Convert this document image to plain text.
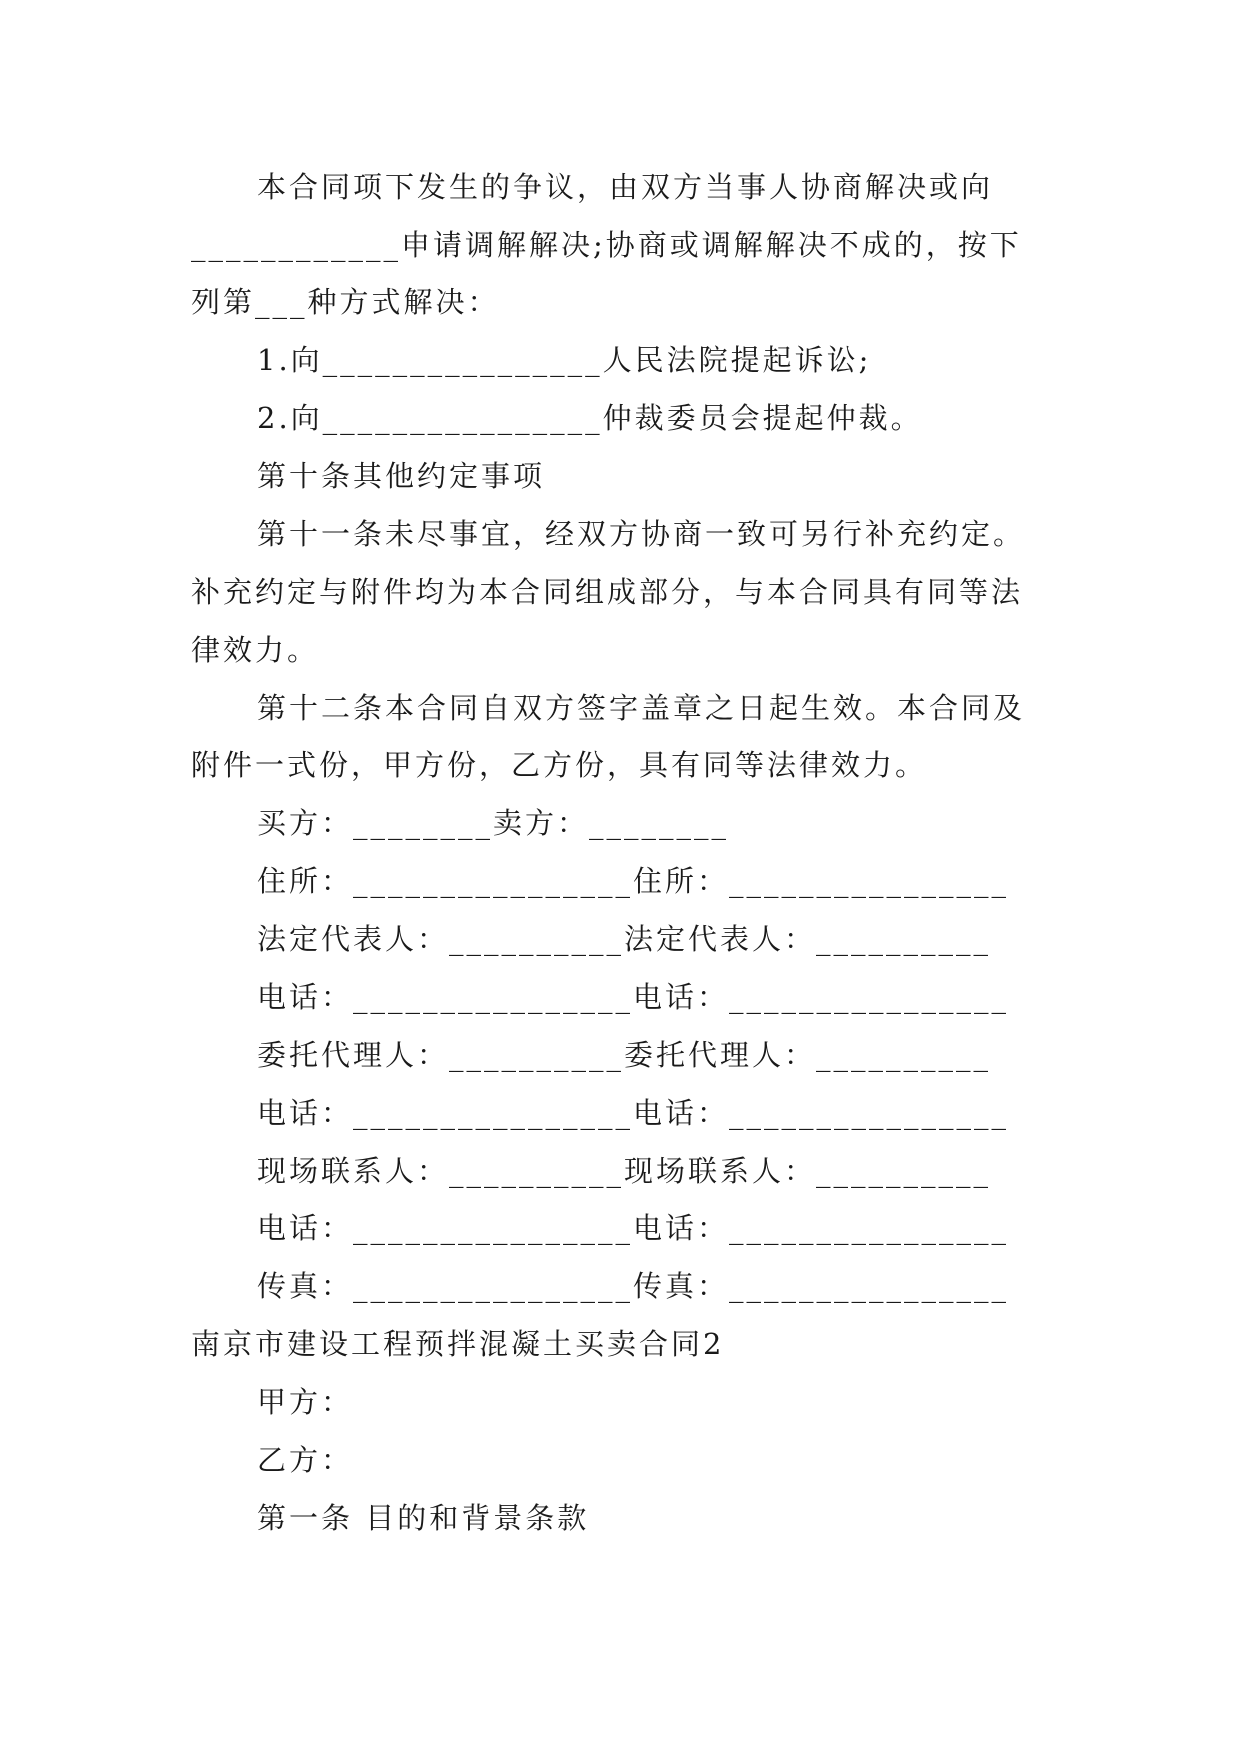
本合同项下发生的争议，由双方当事人协商解决或向
____________申请调解解决;协商或调解解决不成的，按下
列第___种方式解决：
1.向________________人民法院提起诉讼;
2.向________________仲裁委员会提起仲裁。
第十条其他约定事项
第十一条未尽事宜，经双方协商一致可另行补充约定。
补充约定与附件均为本合同组成部分，与本合同具有同等法
律效力。
第十二条本合同自双方签字盖章之日起生效。本合同及
附件一式份，甲方份，乙方份，具有同等法律效力。
买方：________卖方：________
住所：________________住所：________________
法定代表人：__________法定代表人：__________
电话：________________电话：________________
委托代理人：__________委托代理人：__________
电话：________________电话：________________
现场联系人：__________现场联系人：__________
电话：________________电话：________________
传真：________________传真：________________
南京市建设工程预拌混凝土买卖合同2
甲方：
乙方：
第一条 目的和背景条款
